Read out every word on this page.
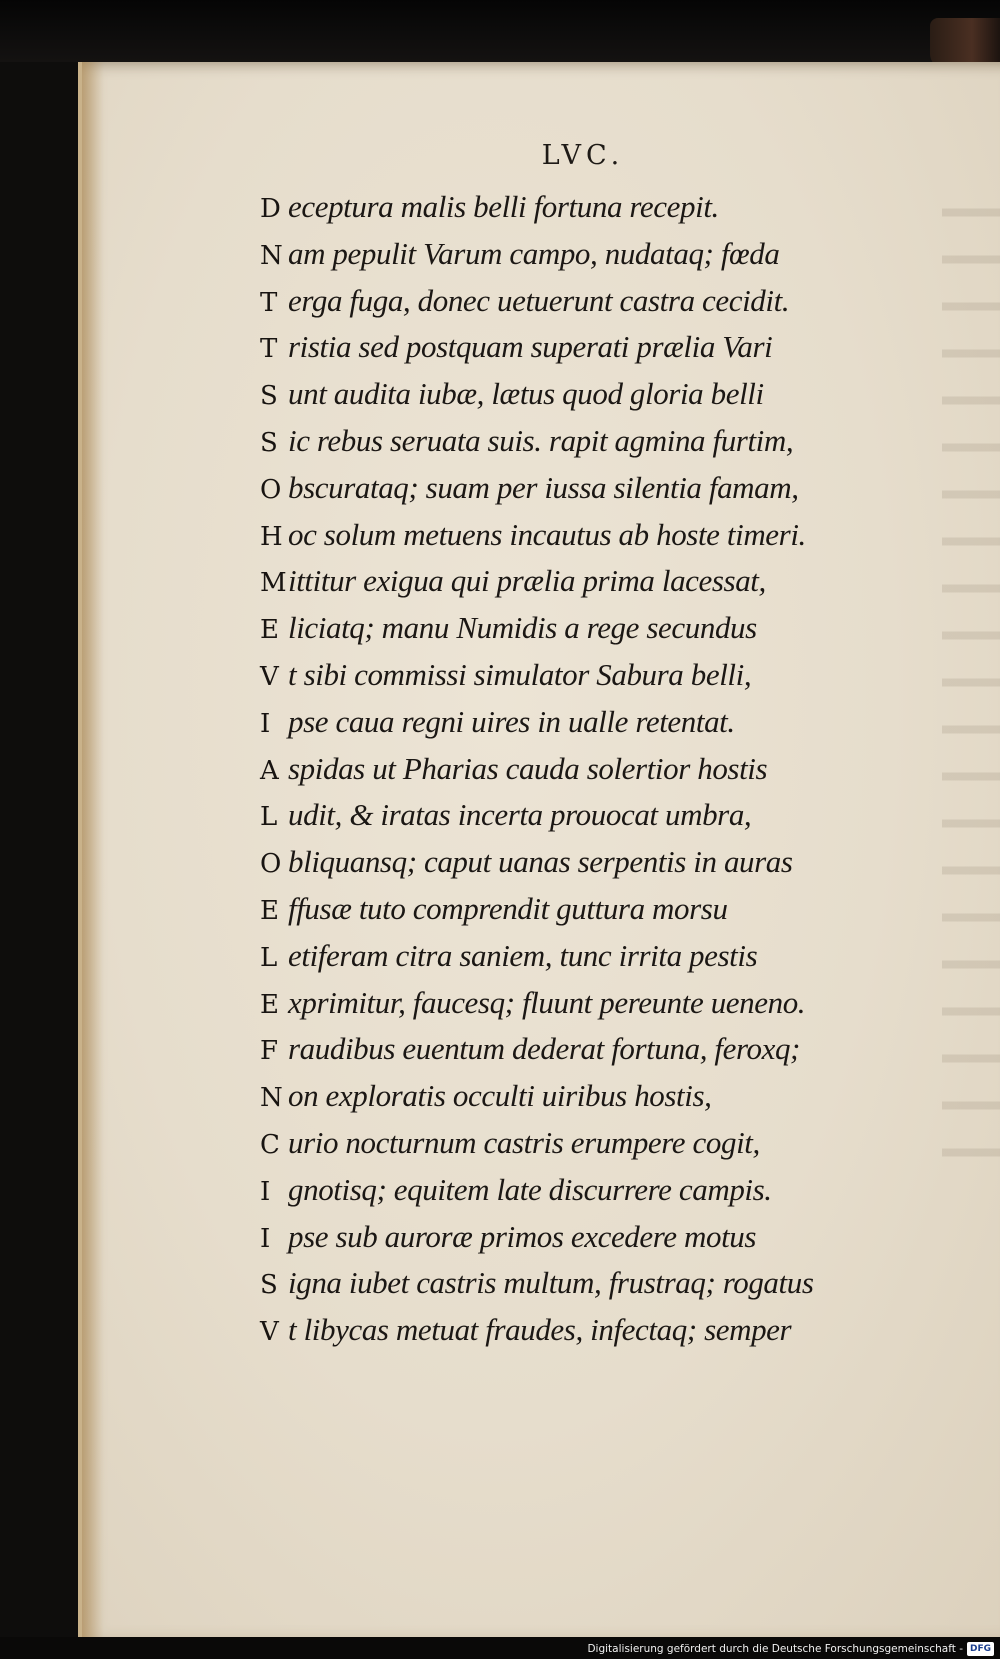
LVC.
D eceptura malis belli fortuna recepit.
N am pepulit Varum campo, nudataq; fœda
T erga fuga, donec uetuerunt castra cecidit.
T ristia sed postquam superati prælia Vari
S unt audita iubæ, lætus quod gloria belli
S ic rebus seruata suis. rapit agmina furtim,
O bscurataq; suam per iussa silentia famam,
H oc solum metuens incautus ab hoste timeri.
Mittitur exigua qui prælia prima lacessat,
E liciatq; manu Numidis a rege secundus
V t sibi commissi simulator Sabura belli,
I pse caua regni uires in ualle retentat.
A spidas ut Pharias cauda solertior hostis
L udit, & iratas incerta prouocat umbra,
O bliquansq; caput uanas serpentis in auras
E ffusæ tuto comprendit guttura morsu
L etiferam citra saniem, tunc irrita pestis
E xprimitur, faucesq; fluunt pereunte ueneno.
F raudibus euentum dederat fortuna, feroxq;
N on exploratis occulti uiribus hostis,
C urio nocturnum castris erumpere cogit,
I gnotisq; equitem late discurrere campis.
I pse sub auroræ primos excedere motus
S igna iubet castris multum, frustraq; rogatus
V t libycas metuat fraudes, infectaq; semper
Digitalisierung gefördert durch die Deutsche Forschungsgemeinschaft - DFG
